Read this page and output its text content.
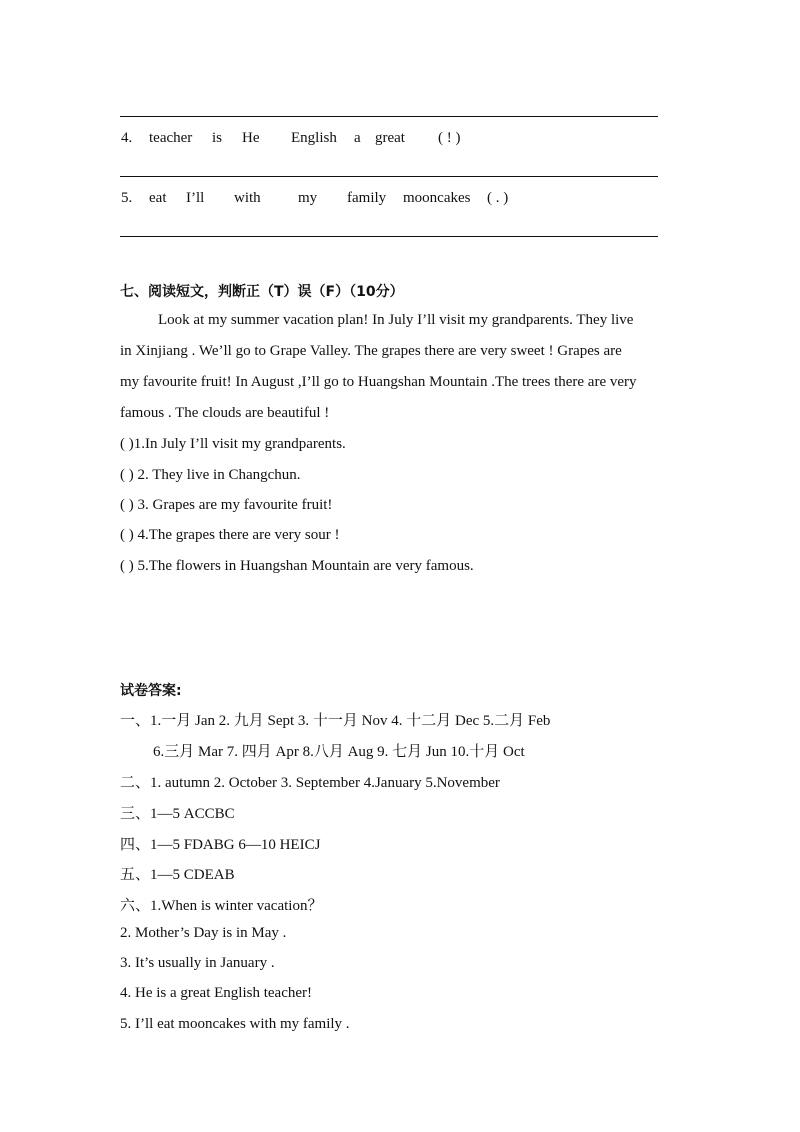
4. teacher is He English a great ( ! )
5. eat I’ll with my family mooncakes ( . )
七、阅读短文，判断正（T）误（F）（10分）
Look at my summer vacation plan! In July I’ll visit my grandparents. They live
in Xinjiang . We’ll go to Grape Valley. The grapes there are very sweet ! Grapes are
my favourite fruit! In August ,I’ll go to Huangshan Mountain .The trees there are very
famous . The clouds are beautiful !
( )1.In July I’ll visit my grandparents.
( ) 2. They live in Changchun.
( ) 3. Grapes are my favourite fruit!
( ) 4.The grapes there are very sour !
( ) 5.The flowers in Huangshan Mountain are very famous.
试卷答案:
一、1.一月 Jan 2. 九月 Sept 3. 十一月 Nov 4. 十二月 Dec 5.二月 Feb
6.三月 Mar 7. 四月 Apr 8.八月 Aug 9. 七月 Jun 10.十月 Oct
二、1. autumn 2. October 3. September 4.January 5.November
三、1—5 ACCBC
四、1—5 FDABG 6—10 HEICJ
五、1—5 CDEAB
六、1.When is winter vacation？
2. Mother’s Day is in May .
3. It’s usually in January .
4. He is a great English teacher!
5. I’ll eat mooncakes with my family .
